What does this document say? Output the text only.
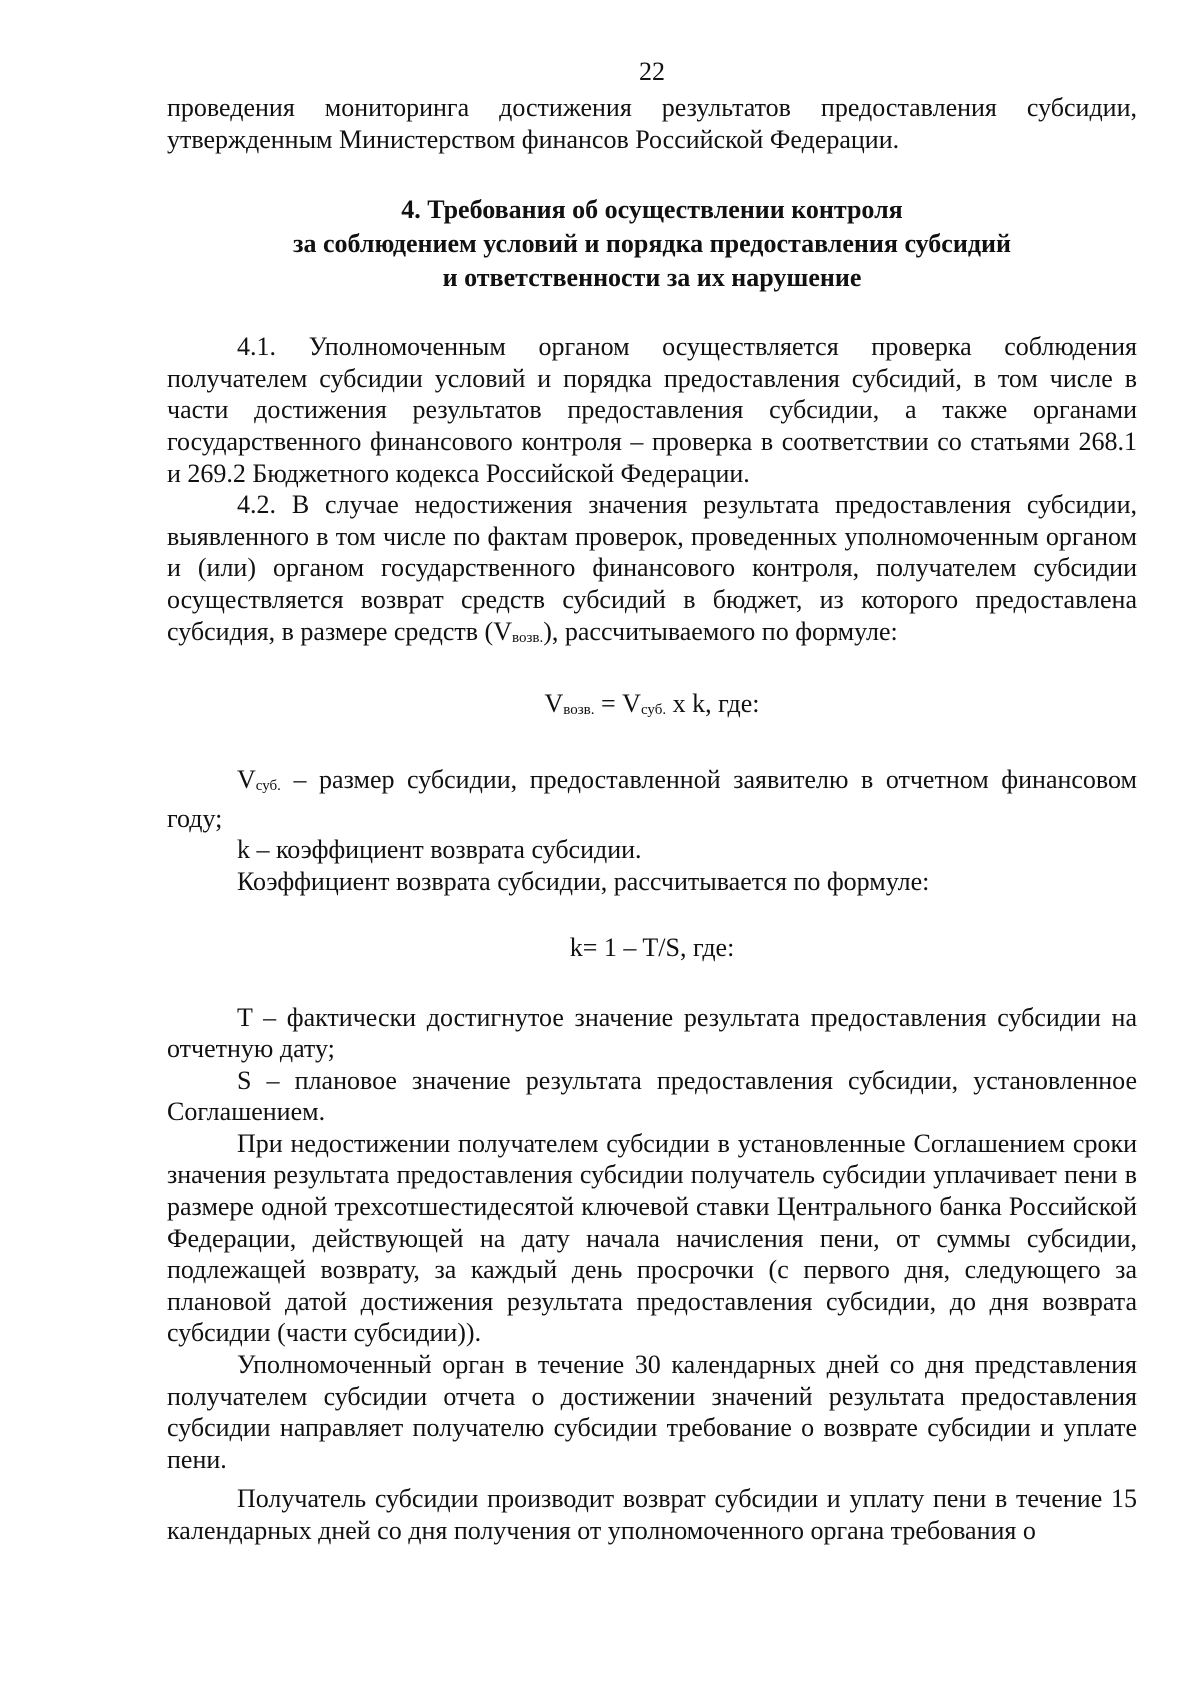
22

проведения мониторинга достижения результатов предоставления субсидии, утвержденным Министерством финансов Российской Федерации.

4. Требования об осуществлении контроля
за соблюдением условий и порядка предоставления субсидий
и ответственности за их нарушение

4.1. Уполномоченным органом осуществляется проверка соблюдения получателем субсидии условий и порядка предоставления субсидий, в том числе в части достижения результатов предоставления субсидии, а также органами государственного финансового контроля – проверка в соответствии со статьями 268.1 и 269.2 Бюджетного кодекса Российской Федерации.

4.2. В случае недостижения значения результата предоставления субсидии, выявленного в том числе по фактам проверок, проведенных уполномоченным органом и (или) органом государственного финансового контроля, получателем субсидии осуществляется возврат средств субсидий в бюджет, из которого предоставлена субсидия, в размере средств $(V_{возв.})$, рассчитываемого по формуле:

$V_{возв.} = V_{суб.}$ x k, где:

$V_{суб.}$ – размер субсидии, предоставленной заявителю в отчетном финансовом году;

k – коэффициент возврата субсидии.

Коэффициент возврата субсидии, рассчитывается по формуле:

k= 1 – T/S, где:

T – фактически достигнутое значение результата предоставления субсидии на отчетную дату;

S – плановое значение результата предоставления субсидии, установленное Соглашением.

При недостижении получателем субсидии в установленные Соглашением сроки значения результата предоставления субсидии получатель субсидии уплачивает пени в размере одной трехсотшестидесятой ключевой ставки Центрального банка Российской Федерации, действующей на дату начала начисления пени, от суммы субсидии, подлежащей возврату, за каждый день просрочки (с первого дня, следующего за плановой датой достижения результата предоставления субсидии, до дня возврата субсидии (части субсидии)).

Уполномоченный орган в течение 30 календарных дней со дня представления получателем субсидии отчета о достижении значений результата предоставления субсидии направляет получателю субсидии требование о возврате субсидии и уплате пени.

Получатель субсидии производит возврат субсидии и уплату пени в течение 15 календарных дней со дня получения от уполномоченного органа требования о
